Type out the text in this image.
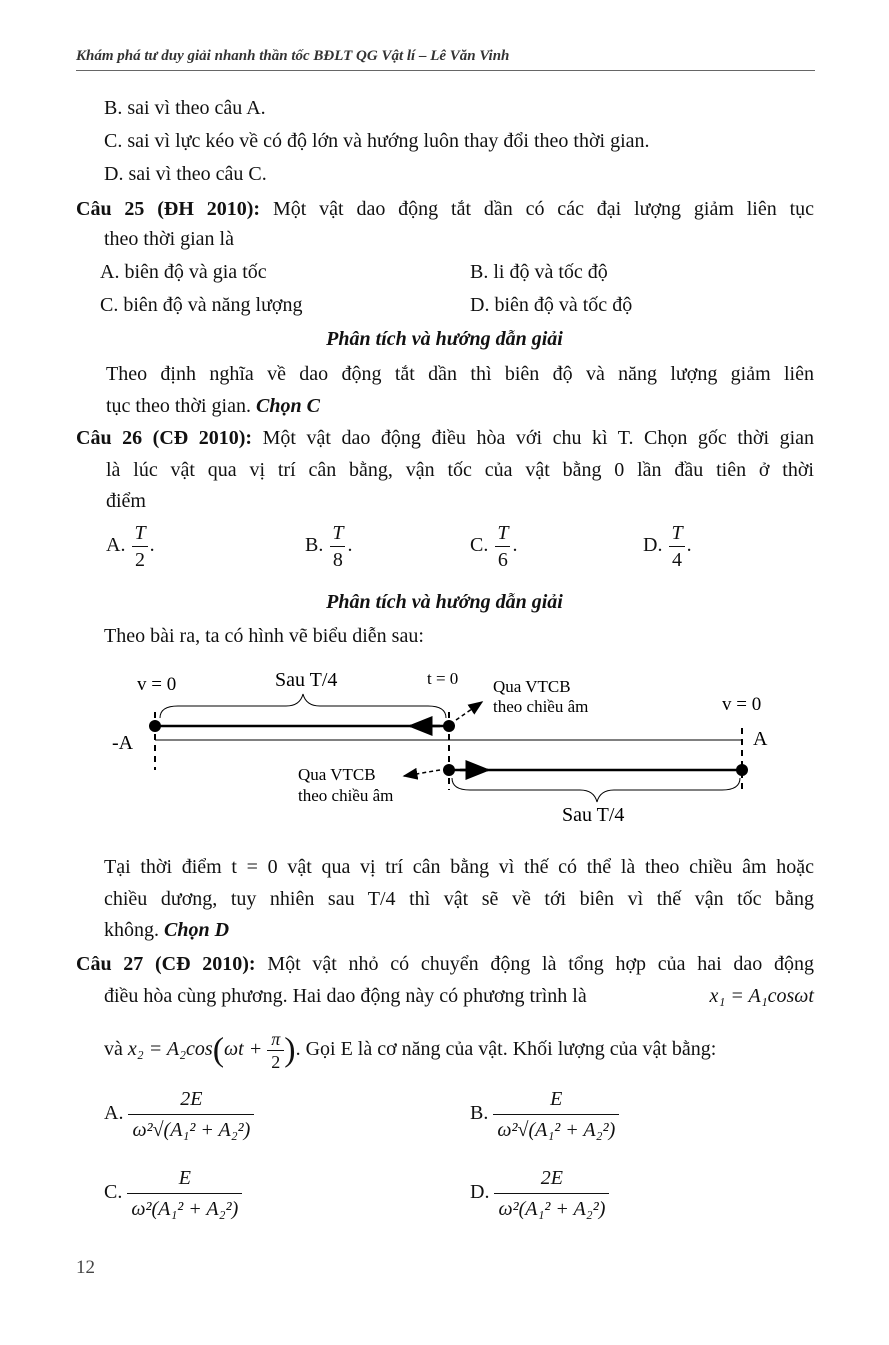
Khám phá tư duy giải nhanh thần tốc BĐLT QG Vật lí – Lê Văn Vinh
B. sai vì theo câu A.
C. sai vì lực kéo về có độ lớn và hướng luôn thay đổi theo thời gian.
D. sai vì theo câu C.
Câu 25 (ĐH 2010): Một vật dao động tắt dần có các đại lượng giảm liên tục
theo thời gian là
A. biên độ và gia tốc	B. li độ và tốc độ
C. biên độ và năng lượng	D. biên độ và tốc độ
Phân tích và hướng dẫn giải
Theo định nghĩa về dao động tắt dần thì biên độ và năng lượng giảm liên
tục theo thời gian. Chọn C
Câu 26 (CĐ 2010): Một vật dao động điều hòa với chu kì T. Chọn gốc thời gian
là lúc vật qua vị trí cân bằng, vận tốc của vật bằng 0 lần đầu tiên ở thời
điểm
A. $\frac{T}{2}$ .	B. $\frac{T}{8}$ .	C. $\frac{T}{6}$ .	D. $\frac{T}{4}$ .
Phân tích và hướng dẫn giải
Theo bài ra, ta có hình vẽ biểu diễn sau:
v = 0	Sau T/4	t = 0 Qua VTCB
theo chiều âm	v = 0
-A	A
Qua VTCB
theo chiều âm
Sau T/4
Tại thời điểm t = 0 vật qua vị trí cân bằng vì thế có thể là theo chiều âm hoặc
chiều dương, tuy nhiên sau T/4 thì vật sẽ về tới biên vì thế vận tốc bằng
không. Chọn D
Câu 27 (CĐ 2010): Một vật nhỏ có chuyển động là tổng hợp của hai dao động
điều hòa cùng phương. Hai dao động này có phương trình là	x₁ = A₁cosωt
và $x_2 = A_2\cos(\omega t + \frac{\pi}{2}$ ). Gọi E là cơ năng của vật. Khối lượng của vật bằng:
A. $\frac{2E}{\text{ω²√(A₁² + A₂²)}}$	B. $\frac{E}{\text{ω²√(A₁² + A₂²)}}$
C. $\frac{E}{\text{ω²(A₁² + A₂²)}}$	D. $\frac{2E}{\text{ω²(A₁² + A₂²)}}$
12
